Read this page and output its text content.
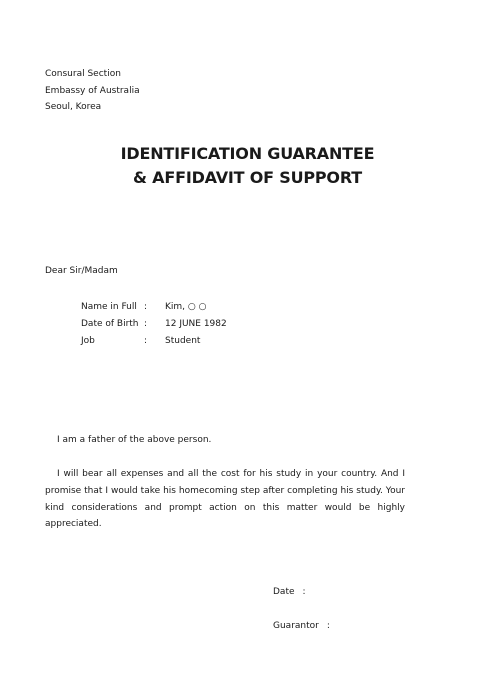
Consural Section
Embassy of Australia
Seoul, Korea
IDENTIFICATION GUARANTEE
& AFFIDAVIT OF SUPPORT
Dear Sir/Madam
Name in Full : Kim, ○ ○
Date of Birth : 12 JUNE 1982
Job	: Student
I am a father of the above person.
I will bear all expenses and all the cost for his study in your country. And I promise that I would take his homecoming step after completing his study. Your kind considerations and prompt action on this matter would be highly appreciated.
Date :
Guarantor :
